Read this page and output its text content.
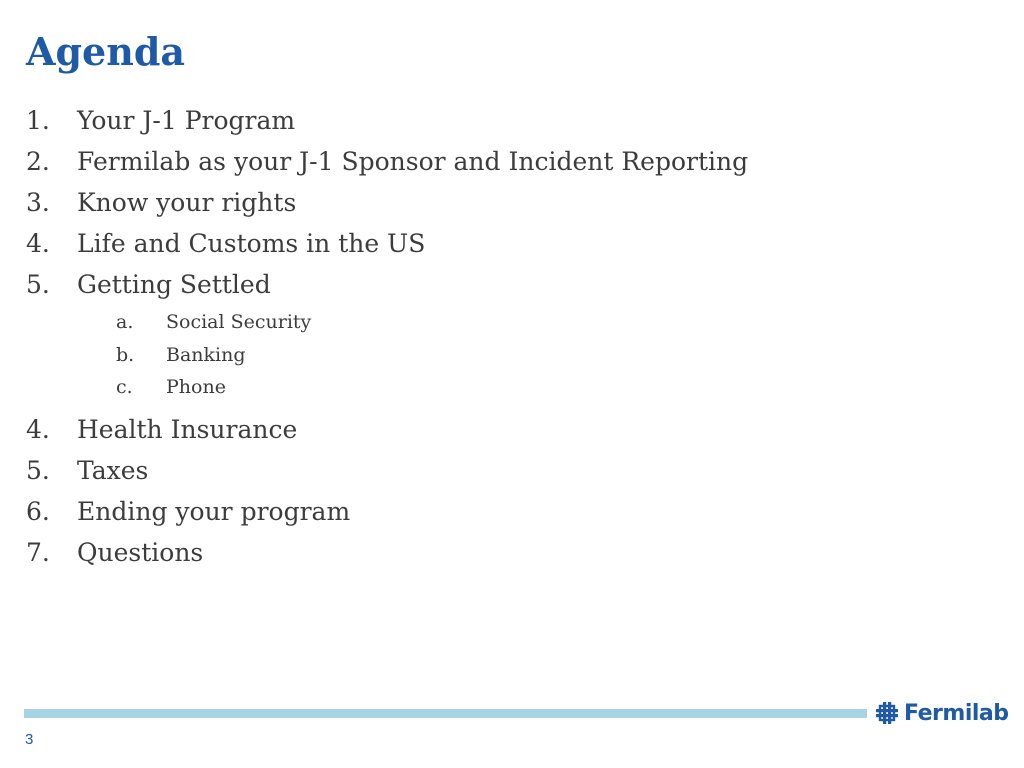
Agenda
1.	Your J-1 Program
2.	Fermilab as your J-1 Sponsor and Incident Reporting
3.	Know your rights
4.	Life and Customs in the US
5.	Getting Settled
a.	Social Security
b.	Banking
c.	Phone
4.	Health Insurance
5.	Taxes
6.	Ending your program
7.	Questions
Fermilab
3
